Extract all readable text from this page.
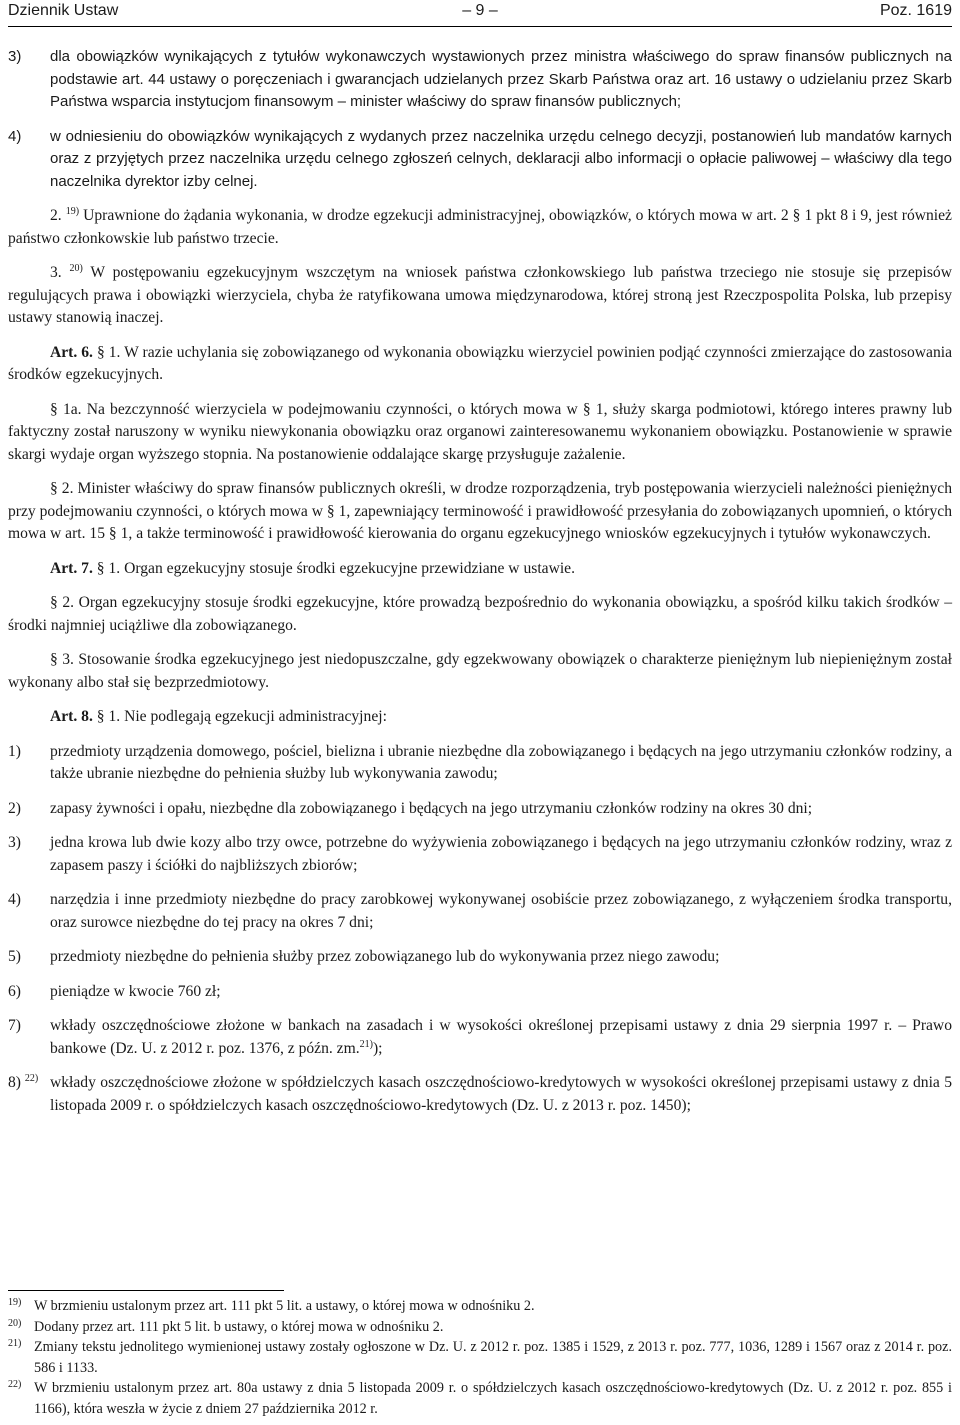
Dziennik Ustaw	– 9 –	Poz. 1619
3)	dla obowiązków wynikających z tytułów wykonawczych wystawionych przez ministra właściwego do spraw finansów publicznych na podstawie art. 44 ustawy o poręczeniach i gwarancjach udzielanych przez Skarb Państwa oraz art. 16 ustawy o udzielaniu przez Skarb Państwa wsparcia instytucjom finansowym – minister właściwy do spraw finansów publicznych;
4)	w odniesieniu do obowiązków wynikających z wydanych przez naczelnika urzędu celnego decyzji, postanowień lub mandatów karnych oraz z przyjętych przez naczelnika urzędu celnego zgłoszeń celnych, deklaracji albo informacji o opłacie paliwowej – właściwy dla tego naczelnika dyrektor izby celnej.

2. $^{19)}$ Uprawnione do żądania wykonania, w drodze egzekucji administracyjnej, obowiązków, o których mowa w art. 2 § 1 pkt 8 i 9, jest również państwo członkowskie lub państwo trzecie.

3. $^{20)}$ W postępowaniu egzekucyjnym wszczętym na wniosek państwa członkowskiego lub państwa trzeciego nie stosuje się przepisów regulujących prawa i obowiązki wierzyciela, chyba że ratyfikowana umowa międzynarodowa, której stroną jest Rzeczpospolita Polska, lub przepisy ustawy stanowią inaczej.

Art. 6. § 1. W razie uchylania się zobowiązanego od wykonania obowiązku wierzyciel powinien podjąć czynności zmierzające do zastosowania środków egzekucyjnych.

§ 1a. Na bezczynność wierzyciela w podejmowaniu czynności, o których mowa w § 1, służy skarga podmiotowi, którego interes prawny lub faktyczny został naruszony w wyniku niewykonania obowiązku oraz organowi zainteresowanemu wykonaniem obowiązku. Postanowienie w sprawie skargi wydaje organ wyższego stopnia. Na postanowienie oddalające skargę przysługuje zażalenie.

§ 2. Minister właściwy do spraw finansów publicznych określi, w drodze rozporządzenia, tryb postępowania wierzycieli należności pieniężnych przy podejmowaniu czynności, o których mowa w § 1, zapewniający terminowość i prawidłowość przesyłania do zobowiązanych upomnień, o których mowa w art. 15 § 1, a także terminowość i prawidłowość kierowania do organu egzekucyjnego wniosków egzekucyjnych i tytułów wykonawczych.

Art. 7. § 1. Organ egzekucyjny stosuje środki egzekucyjne przewidziane w ustawie.

§ 2. Organ egzekucyjny stosuje środki egzekucyjne, które prowadzą bezpośrednio do wykonania obowiązku, a spośród kilku takich środków – środki najmniej uciążliwe dla zobowiązanego.

§ 3. Stosowanie środka egzekucyjnego jest niedopuszczalne, gdy egzekwowany obowiązek o charakterze pieniężnym lub niepieniężnym został wykonany albo stał się bezprzedmiotowy.

Art. 8. § 1. Nie podlegają egzekucji administracyjnej:

1)	przedmioty urządzenia domowego, pościel, bielizna i ubranie niezbędne dla zobowiązanego i będących na jego utrzymaniu członków rodziny, a także ubranie niezbędne do pełnienia służby lub wykonywania zawodu;
2)	zapasy żywności i opału, niezbędne dla zobowiązanego i będących na jego utrzymaniu członków rodziny na okres 30 dni;
3)	jedna krowa lub dwie kozy albo trzy owce, potrzebne do wyżywienia zobowiązanego i będących na jego utrzymaniu członków rodziny, wraz z zapasem paszy i ściółki do najbliższych zbiorów;
4)	narzędzia i inne przedmioty niezbędne do pracy zarobkowej wykonywanej osobiście przez zobowiązanego, z wyłączeniem środka transportu, oraz surowce niezbędne do tej pracy na okres 7 dni;
5)	przedmioty niezbędne do pełnienia służby przez zobowiązanego lub do wykonywania przez niego zawodu;
6)	pieniądze w kwocie 760 zł;
7)	wkłady oszczędnościowe złożone w bankach na zasadach i w wysokości określonej przepisami ustawy z dnia 29 sierpnia 1997 r. – Prawo bankowe (Dz. U. z 2012 r. poz. 1376, z późn. zm.$^{21)}$);
8) $^{22)}$ wkłady oszczędnościowe złożone w spółdzielczych kasach oszczędnościowo-kredytowych w wysokości określonej przepisami ustawy z dnia 5 listopada 2009 r. o spółdzielczych kasach oszczędnościowo-kredytowych (Dz. U. z 2013 r. poz. 1450);
19) W brzmieniu ustalonym przez art. 111 pkt 5 lit. a ustawy, o której mowa w odnośniku 2.
20) Dodany przez art. 111 pkt 5 lit. b ustawy, o której mowa w odnośniku 2.
21) Zmiany tekstu jednolitego wymienionej ustawy zostały ogłoszone w Dz. U. z 2012 r. poz. 1385 i 1529, z 2013 r. poz. 777, 1036, 1289 i 1567 oraz z 2014 r. poz. 586 i 1133.
22) W brzmieniu ustalonym przez art. 80a ustawy z dnia 5 listopada 2009 r. o spółdzielczych kasach oszczędnościowo-kredytowych (Dz. U. z 2012 r. poz. 855 i 1166), która weszła w życie z dniem 27 października 2012 r.
